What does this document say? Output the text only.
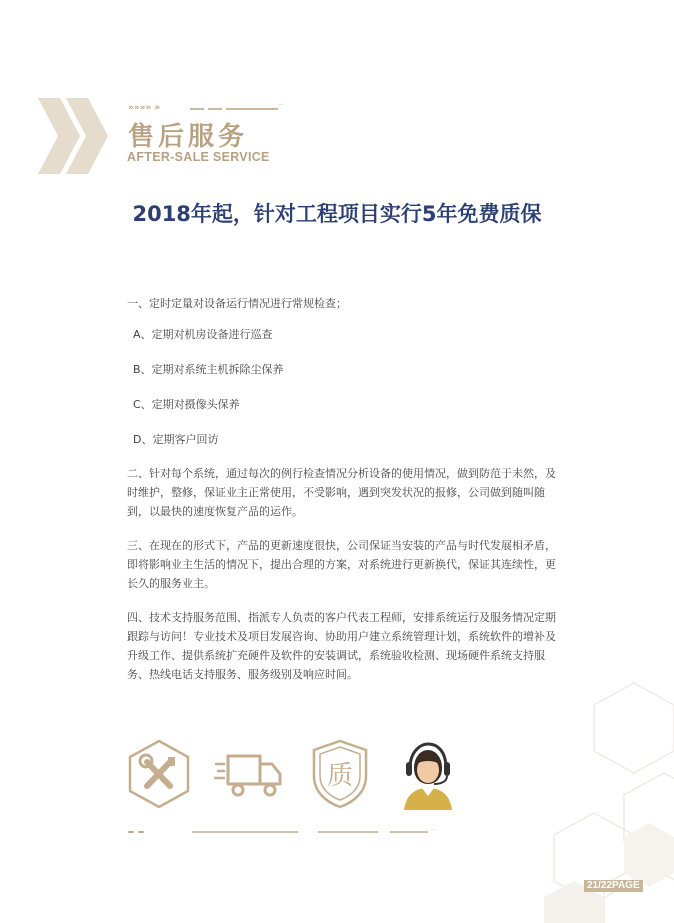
»»»» »	···
售后服务
AFTER-SALE SERVICE
2018年起，针对工程项目实行5年免费质保

一、定时定量对设备运行情况进行常规检查；

A、定期对机房设备进行巡查

B、定期对系统主机拆除尘保养

C、定期对摄像头保养

D、定期客户回访

二、针对每个系统，通过每次的例行检查情况分析设备的使用情况，做到防范于未然，及时维护，整修，保证业主正常使用，不受影响，遇到突发状况的报修，公司做到随叫随到，以最快的速度恢复产品的运作。

三、在现在的形式下，产品的更新速度很快，公司保证当安装的产品与时代发展相矛盾，即将影响业主生活的情况下，提出合理的方案，对系统进行更新换代，保证其连续性，更长久的服务业主。

四、技术支持服务范围、指派专人负责的客户代表工程师，安排系统运行及服务情况定期跟踪与访问！专业技术及项目发展咨询、协助用户建立系统管理计划，系统软件的增补及升级工作、提供系统扩充硬件及软件的安装调试，系统验收检测、现场硬件系统支持服务、热线电话支持服务、服务级别及响应时间。

质
···
21/22PAGE
